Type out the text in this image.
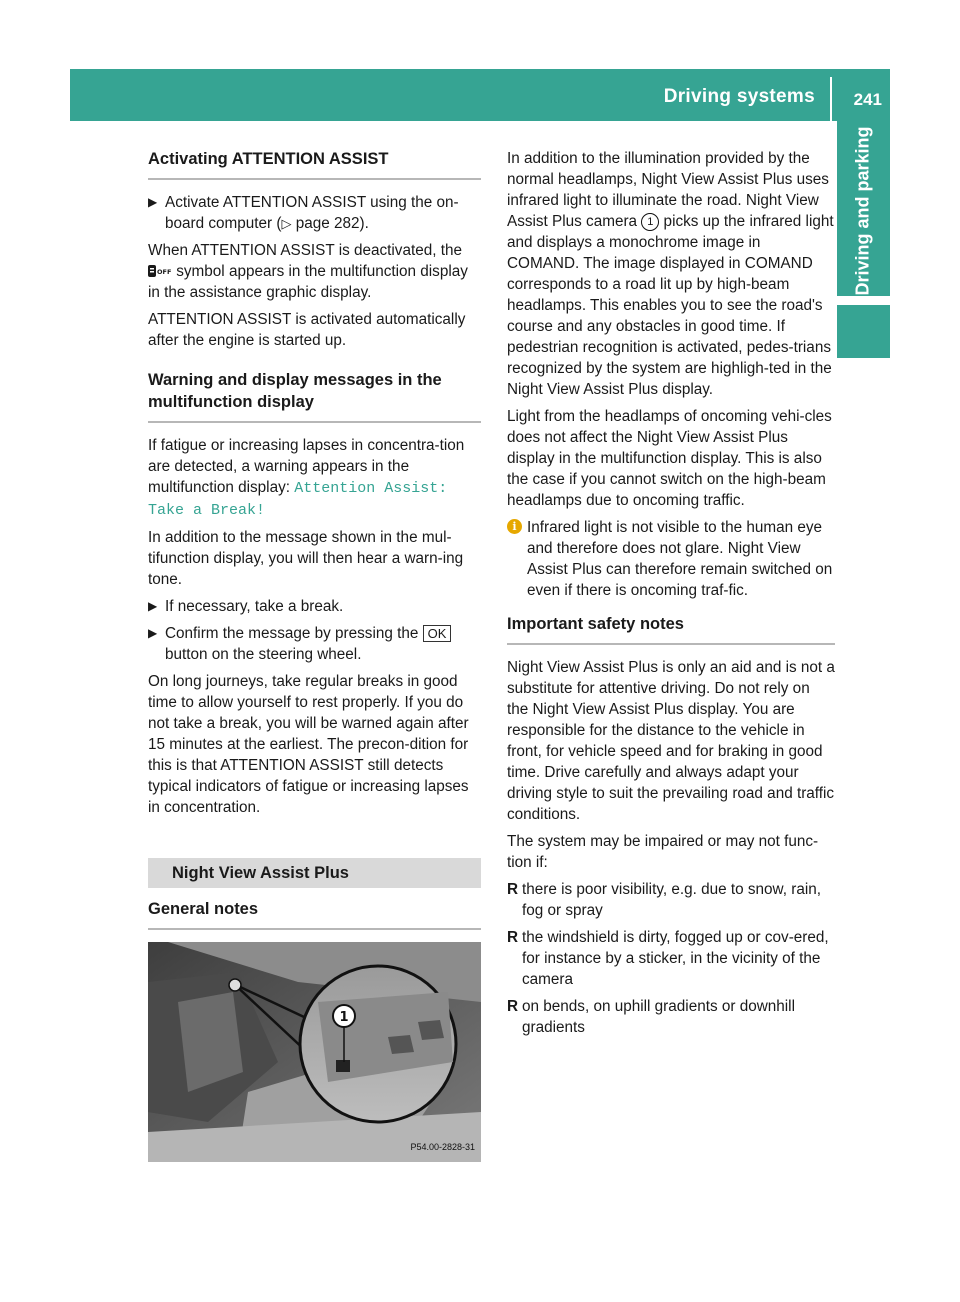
Driving systems 241
Driving and parking
Activating ATTENTION ASSIST
▶ Activate ATTENTION ASSIST using the on-board computer (▷ page 282).

When ATTENTION ASSIST is deactivated, the
OFF symbol appears in the multifunction display in the assistance graphic display.

ATTENTION ASSIST is activated automatically after the engine is started up.

Warning and display messages in the multifunction display

If fatigue or increasing lapses in concentra-tion are detected, a warning appears in the multifunction display: Attention Assist:
Take a Break!

In addition to the message shown in the mul-tifunction display, you will then hear a warn-ing tone.

▶ If necessary, take a break.
▶ Confirm the message by pressing the OK button on the steering wheel.

On long journeys, take regular breaks in good time to allow yourself to rest properly. If you do not take a break, you will be warned again after 15 minutes at the earliest. The precon-dition for this is that ATTENTION ASSIST still detects typical indicators of fatigue or increasing lapses in concentration.

Night View Assist Plus
General notes
1
P54.00-2828-31

In addition to the illumination provided by the normal headlamps, Night View Assist Plus uses infrared light to illuminate the road. Night View Assist Plus camera 1 picks up the infrared light and displays a monochrome image in COMAND. The image displayed in COMAND corresponds to a road lit up by high-beam headlamps. This enables you to see the road's course and any obstacles in good time. If pedestrian recognition is activated, pedes-trians recognized by the system are highligh-ted in the Night View Assist Plus display.

Light from the headlamps of oncoming vehi-cles does not affect the Night View Assist Plus display in the multifunction display. This is also the case if you cannot switch on the high-beam headlamps due to oncoming traffic.

i Infrared light is not visible to the human eye and therefore does not glare. Night View Assist Plus can therefore remain switched on even if there is oncoming traf-fic.
Important safety notes

Night View Assist Plus is only an aid and is not a substitute for attentive driving. Do not rely on the Night View Assist Plus display. You are responsible for the distance to the vehicle in front, for vehicle speed and for braking in good time. Drive carefully and always adapt your driving style to suit the prevailing road and traffic conditions.

The system may be impaired or may not func-tion if:

R there is poor visibility, e.g. due to snow, rain, fog or spray
R the windshield is dirty, fogged up or cov-ered, for instance by a sticker, in the vicinity of the camera
R on bends, on uphill gradients or downhill gradients
